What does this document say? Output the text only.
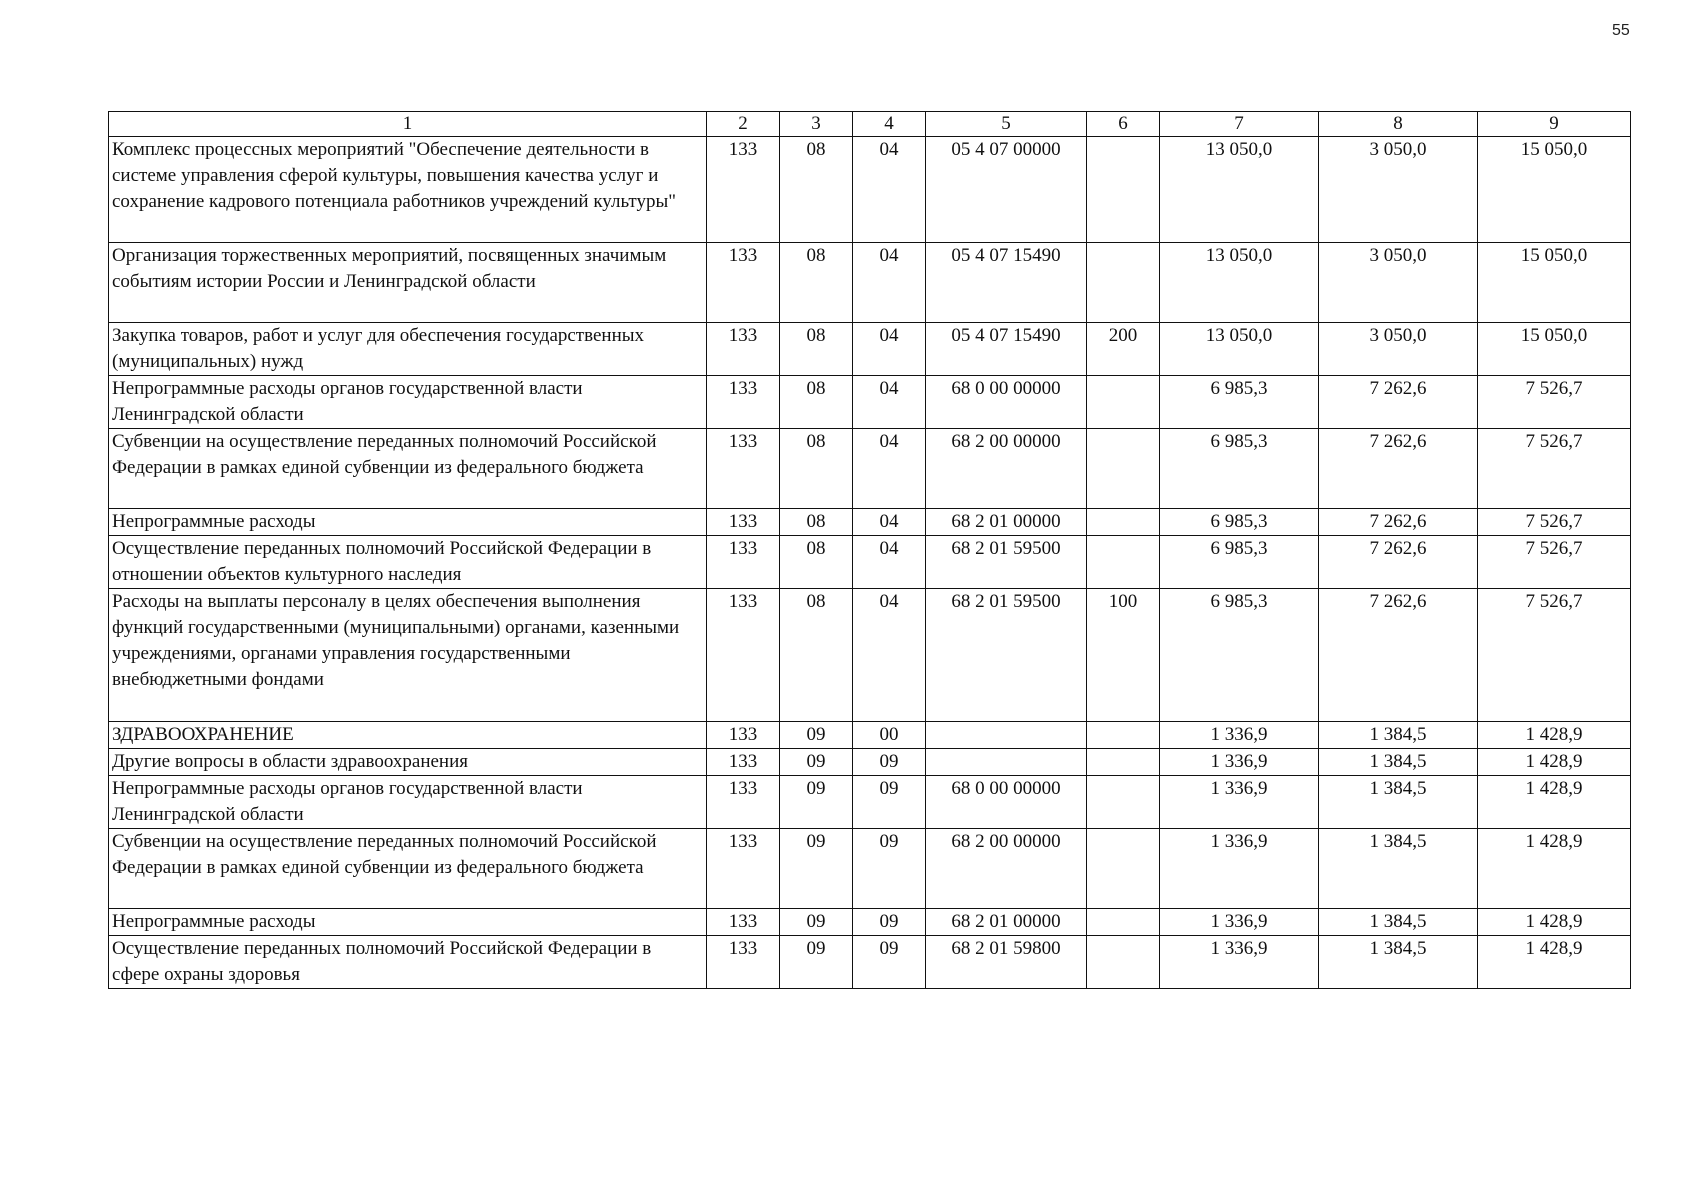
55
1	2	3	4	5	6	7	8	9
Комплекс процессных мероприятий "Обеспечение деятельности в системе управления сферой культуры, повышения качества услуг и сохранение кадрового потенциала работников учреждений культуры"	133	08	04	05 4 07 00000		13 050,0	3 050,0	15 050,0
Организация торжественных мероприятий, посвященных значимым событиям истории России и Ленинградской области	133	08	04	05 4 07 15490		13 050,0	3 050,0	15 050,0
Закупка товаров, работ и услуг для обеспечения государственных (муниципальных) нужд	133	08	04	05 4 07 15490	200	13 050,0	3 050,0	15 050,0
Непрограммные расходы органов государственной власти Ленинградской области	133	08	04	68 0 00 00000		6 985,3	7 262,6	7 526,7
Субвенции на осуществление переданных полномочий Российской Федерации в рамках единой субвенции из федерального бюджета	133	08	04	68 2 00 00000		6 985,3	7 262,6	7 526,7
Непрограммные расходы	133	08	04	68 2 01 00000		6 985,3	7 262,6	7 526,7
Осуществление переданных полномочий Российской Федерации в отношении объектов культурного наследия	133	08	04	68 2 01 59500		6 985,3	7 262,6	7 526,7
Расходы на выплаты персоналу в целях обеспечения выполнения функций государственными (муниципальными) органами, казенными учреждениями, органами управления государственными внебюджетными фондами	133	08	04	68 2 01 59500	100	6 985,3	7 262,6	7 526,7
ЗДРАВООХРАНЕНИЕ	133	09	00			1 336,9	1 384,5	1 428,9
Другие вопросы в области здравоохранения	133	09	09			1 336,9	1 384,5	1 428,9
Непрограммные расходы органов государственной власти Ленинградской области	133	09	09	68 0 00 00000		1 336,9	1 384,5	1 428,9
Субвенции на осуществление переданных полномочий Российской Федерации в рамках единой субвенции из федерального бюджета	133	09	09	68 2 00 00000		1 336,9	1 384,5	1 428,9
Непрограммные расходы	133	09	09	68 2 01 00000		1 336,9	1 384,5	1 428,9
Осуществление переданных полномочий Российской Федерации в сфере охраны здоровья	133	09	09	68 2 01 59800		1 336,9	1 384,5	1 428,9
